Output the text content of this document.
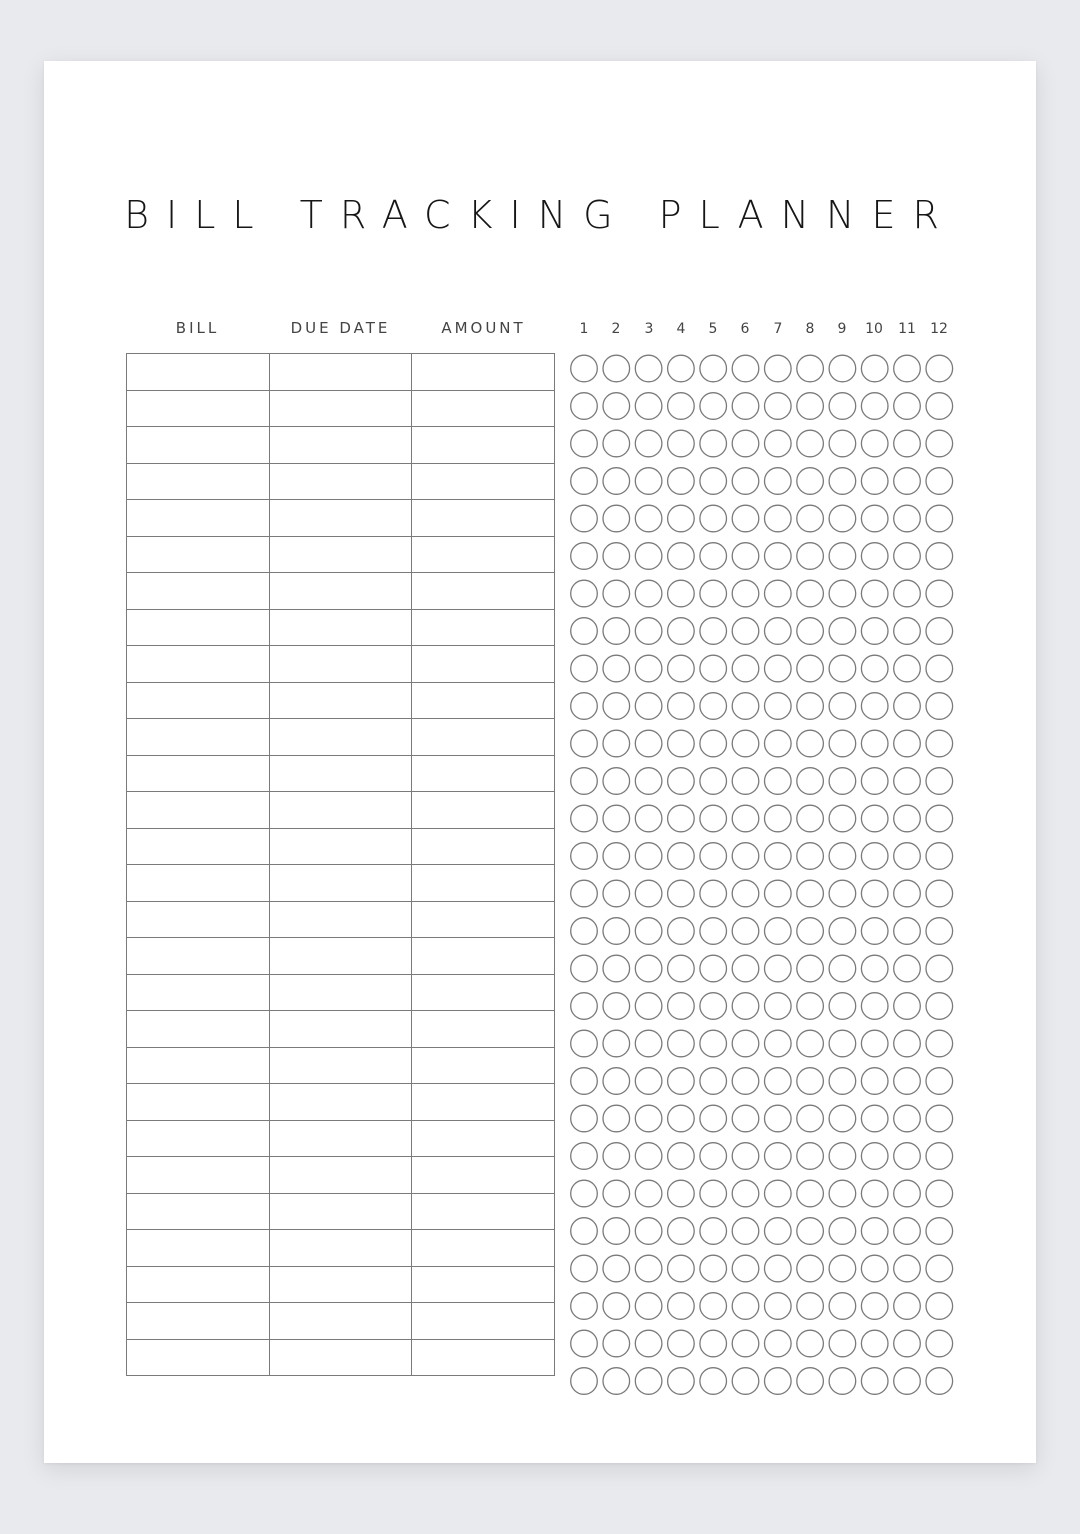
BILL TRACKING PLANNER
BILL	DUE DATE	AMOUNT	1	2	3	4	5	6	7	8	9	10	11	12
